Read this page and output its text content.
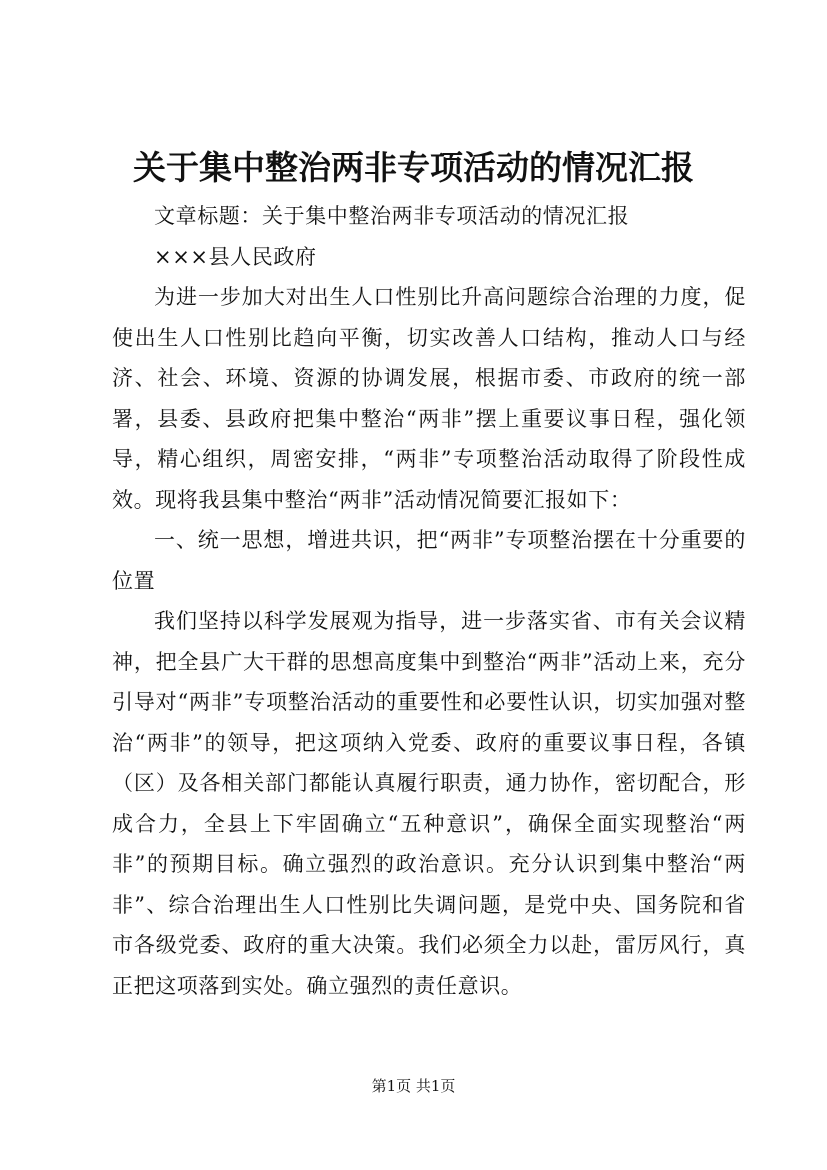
关于集中整治两非专项活动的情况汇报

文章标题：关于集中整治两非专项活动的情况汇报

×××县人民政府

为进一步加大对出生人口性别比升高问题综合治理的力度，促使出生人口性别比趋向平衡，切实改善人口结构，推动人口与经济、社会、环境、资源的协调发展，根据市委、市政府的统一部署，县委、县政府把集中整治“两非”摆上重要议事日程，强化领导，精心组织，周密安排，“两非”专项整治活动取得了阶段性成效。现将我县集中整治“两非”活动情况简要汇报如下：

一、统一思想，增进共识，把“两非”专项整治摆在十分重要的位置

我们坚持以科学发展观为指导，进一步落实省、市有关会议精神，把全县广大干群的思想高度集中到整治“两非”活动上来，充分引导对“两非”专项整治活动的重要性和必要性认识，切实加强对整治“两非”的领导，把这项纳入党委、政府的重要议事日程，各镇（区）及各相关部门都能认真履行职责，通力协作，密切配合，形成合力，全县上下牢固确立“五种意识”，确保全面实现整治“两非”的预期目标。确立强烈的政治意识。充分认识到集中整治“两非”、综合治理出生人口性别比失调问题，是党中央、国务院和省市各级党委、政府的重大决策。我们必须全力以赴，雷厉风行，真正把这项落到实处。确立强烈的责任意识。

第1页 共1页
